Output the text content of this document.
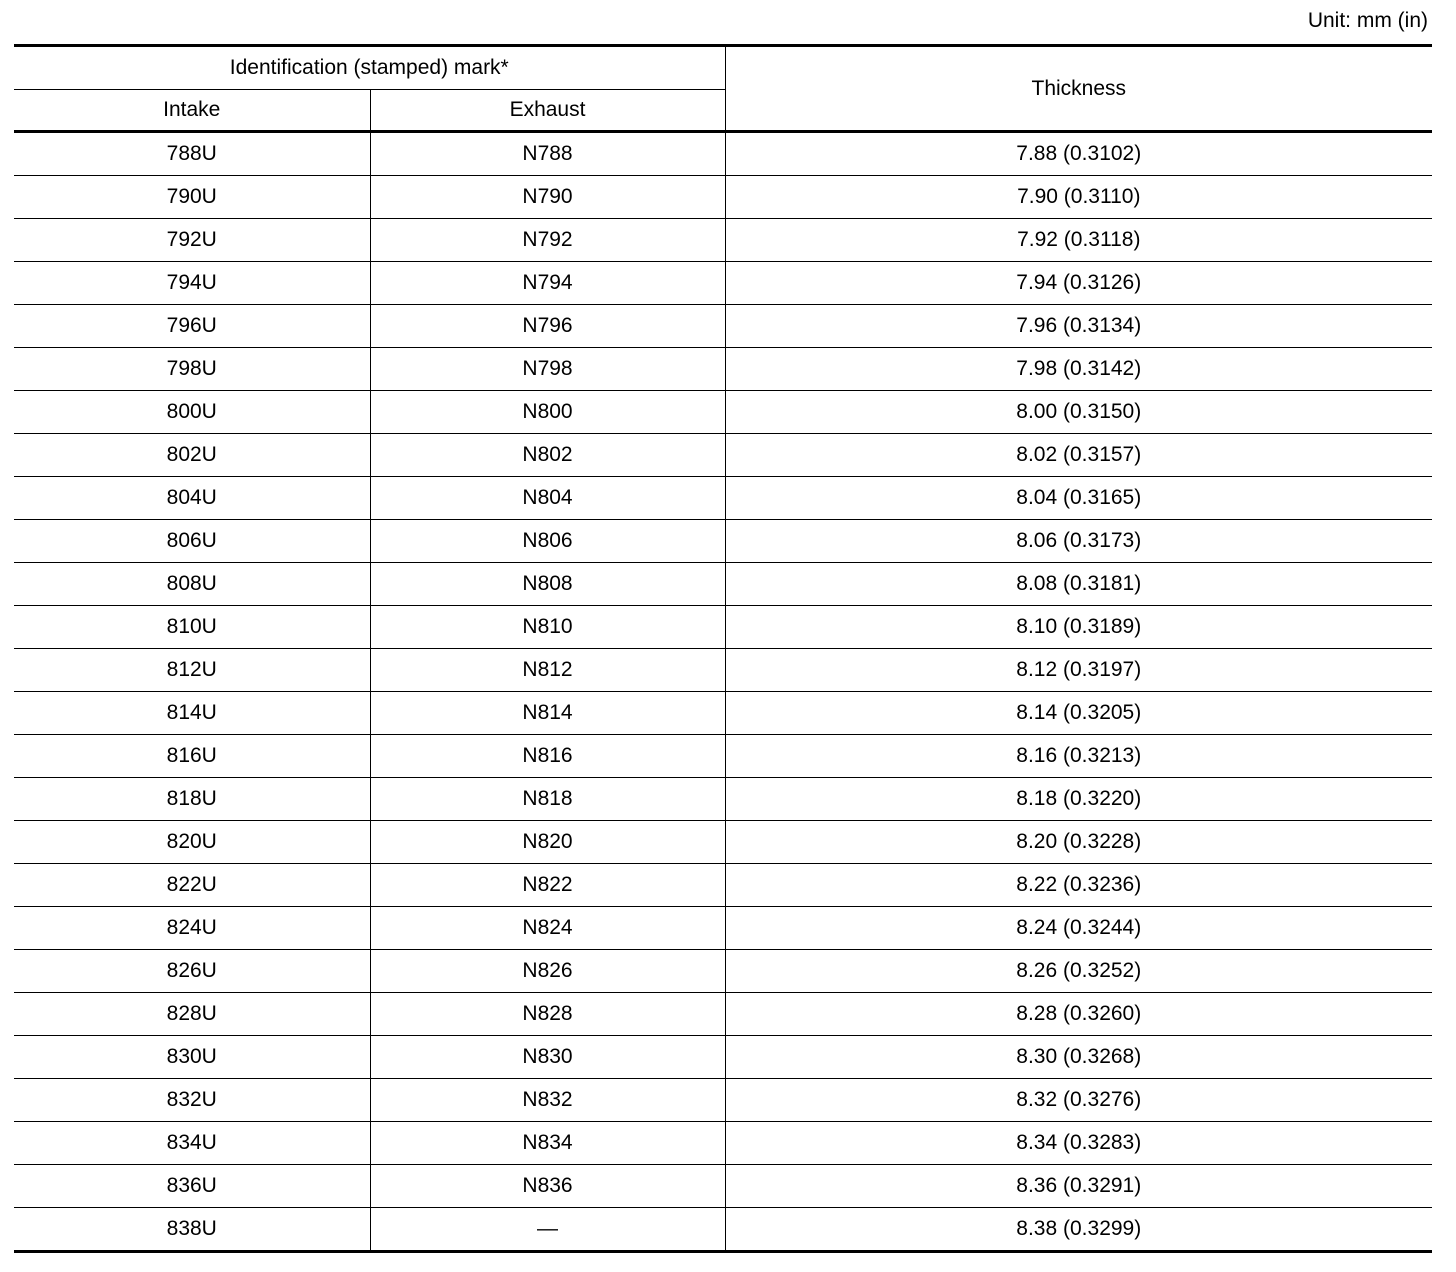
Unit: mm (in)
Identification (stamped) mark*		Thickness
Intake	Exhaust	
788U	N788	7.88 (0.3102)
790U	N790	7.90 (0.3110)
792U	N792	7.92 (0.3118)
794U	N794	7.94 (0.3126)
796U	N796	7.96 (0.3134)
798U	N798	7.98 (0.3142)
800U	N800	8.00 (0.3150)
802U	N802	8.02 (0.3157)
804U	N804	8.04 (0.3165)
806U	N806	8.06 (0.3173)
808U	N808	8.08 (0.3181)
810U	N810	8.10 (0.3189)
812U	N812	8.12 (0.3197)
814U	N814	8.14 (0.3205)
816U	N816	8.16 (0.3213)
818U	N818	8.18 (0.3220)
820U	N820	8.20 (0.3228)
822U	N822	8.22 (0.3236)
824U	N824	8.24 (0.3244)
826U	N826	8.26 (0.3252)
828U	N828	8.28 (0.3260)
830U	N830	8.30 (0.3268)
832U	N832	8.32 (0.3276)
834U	N834	8.34 (0.3283)
836U	N836	8.36 (0.3291)
838U	—	8.38 (0.3299)
